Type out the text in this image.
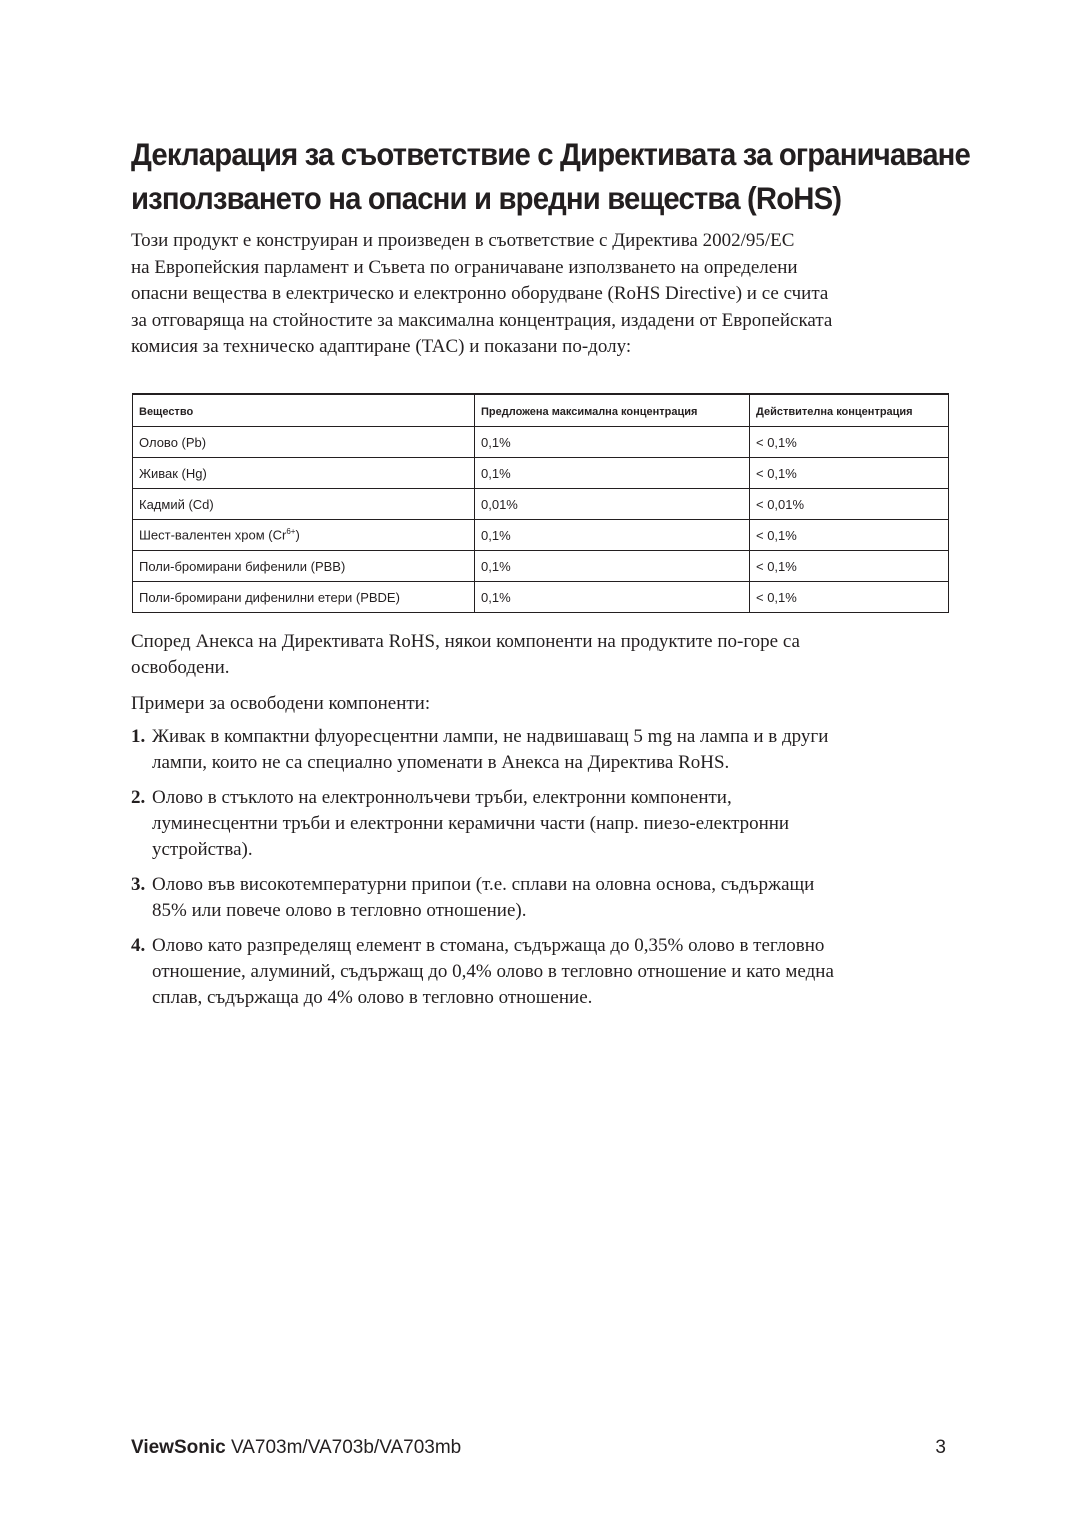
Декларация за съответствие с Директивата за ограничаване
използването на опасни и вредни вещества (RoHS)
Този продукт е конструиран и произведен в съответствие с Директива 2002/95/EC
на Европейския парламент и Съвета по ограничаване използването на определени
опасни вещества в електрическо и електронно оборудване (RoHS Directive) и се счита
за отговаряща на стойностите за максимална концентрация, издадени от Европейската
комисия за техническо адаптиране (TAC) и показани по-долу:
Вещество	Предложена максимална концентрация	Действителна концентрация
Олово (Pb)	0,1%	< 0,1%
Живак (Hg)	0,1%	< 0,1%
Кадмий (Cd)	0,01%	< 0,01%
Шест-валентен хром $(Cr^{6+})$	0,1%	< 0,1%
Поли-бромирани бифенили (PBB)	0,1%	< 0,1%
Поли-бромирани дифенилни етери (PBDE)	0,1%	< 0,1%
Според Анекса на Директивата RoHS, някои компоненти на продуктите по-горе са
освободени.
Примери за освободени компоненти:
1. Живак в компактни флуоресцентни лампи, не надвишаващ 5 mg на лампа и в други
лампи, които не са специално упоменати в Анекса на Директива RoHS.
2. Олово в стъклото на електроннолъчеви тръби, електронни компоненти,
луминесцентни тръби и електронни керамични части (напр. пиезо-електронни
устройства).
3. Олово във високотемпературни припои (т.е. сплави на оловна основа, съдържащи
85% или повече олово в тегловно отношение).
4. Олово като разпределящ елемент в стомана, съдържаща до 0,35% олово в тегловно
отношение, алуминий, съдържащ до 0,4% олово в тегловно отношение и като медна
сплав, съдържаща до 4% олово в тегловно отношение.
ViewSonic VA703m/VA703b/VA703mb	3
